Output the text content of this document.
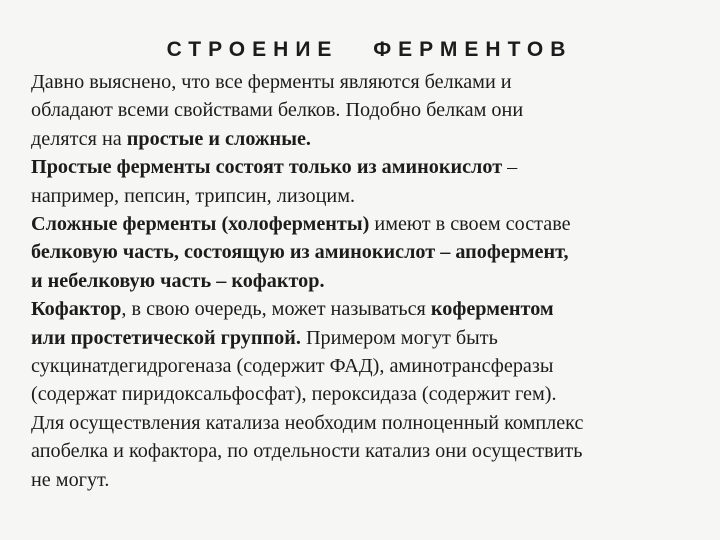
СТРОЕНИЕ ФЕРМЕНТОВ
Давно выяснено, что все ферменты являются белками и
обладают всеми свойствами белков. Подобно белкам они
делятся на простые и сложные.
Простые ферменты состоят только из аминокислот –
например, пепсин, трипсин, лизоцим.
Сложные ферменты (холоферменты) имеют в своем составе
белковую часть, состоящую из аминокислот – апофермент,
и небелковую часть – кофактор.
Кофактор, в свою очередь, может называться коферментом
или простетической группой. Примером могут быть
сукцинатдегидрогеназа (содержит ФАД), аминотрансферазы
(содержат пиридоксальфосфат), пероксидаза (содержит гем).
Для осуществления катализа необходим полноценный комплекс
апобелка и кофактора, по отдельности катализ они осуществить
не могут.
